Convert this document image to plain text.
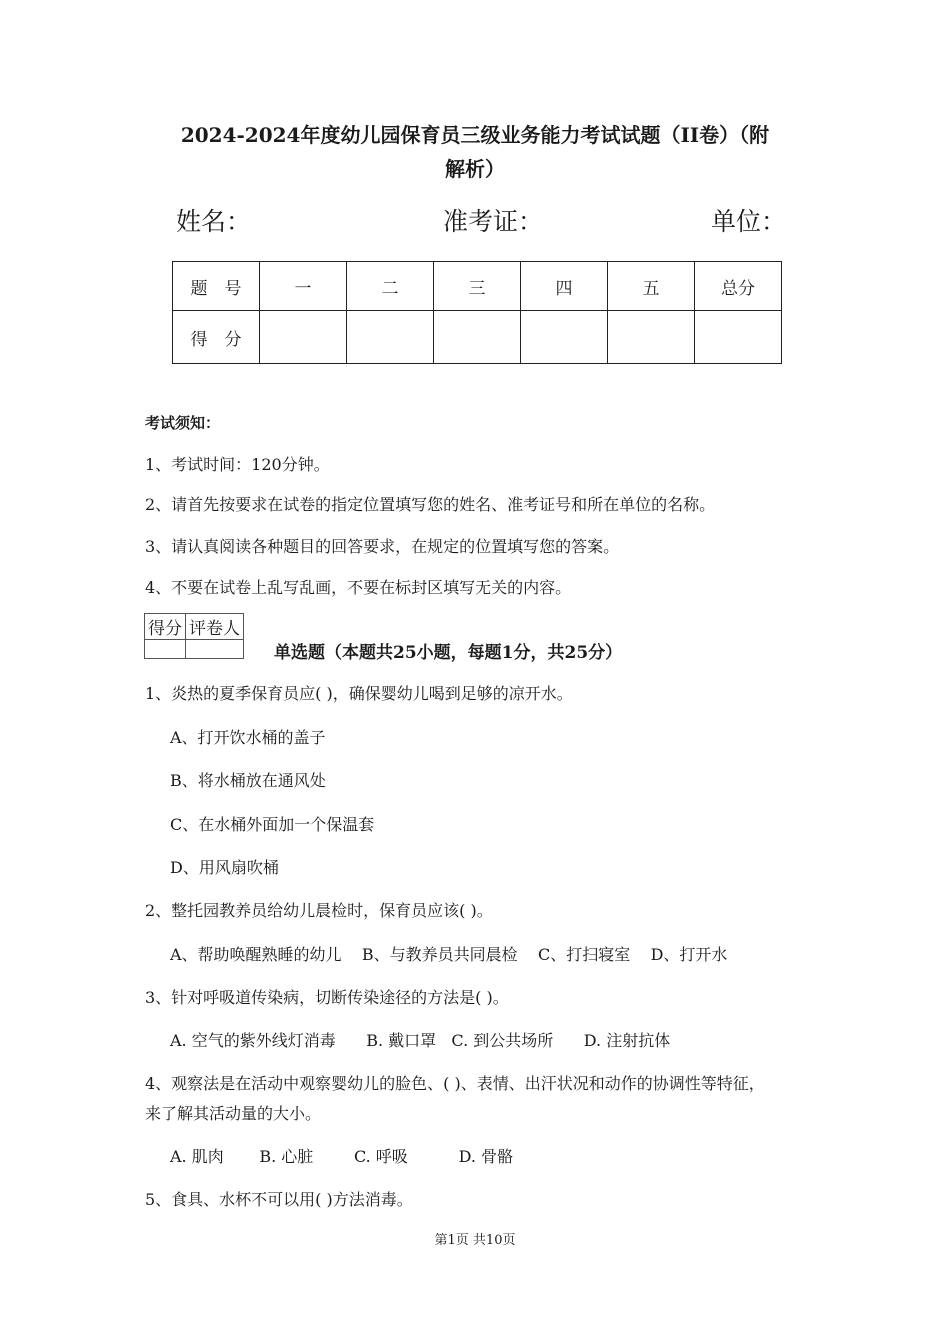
2024-2024年度幼儿园保育员三级业务能力考试试题（II卷）（附
解析）
姓名：	准考证：	单位：
题　号	一	二	三	四	五	总分
得　分						
考试须知：
1、考试时间：120分钟。
2、请首先按要求在试卷的指定位置填写您的姓名、准考证号和所在单位的名称。
3、请认真阅读各种题目的回答要求，在规定的位置填写您的答案。
4、不要在试卷上乱写乱画，不要在标封区填写无关的内容。
得分	评卷人

单选题（本题共25小题，每题1分，共25分）
1、炎热的夏季保育员应( )，确保婴幼儿喝到足够的凉开水。
A、打开饮水桶的盖子
B、将水桶放在通风处
C、在水桶外面加一个保温套
D、用风扇吹桶
2、整托园教养员给幼儿晨检时，保育员应该( )。
A、帮助唤醒熟睡的幼儿    B、与教养员共同晨检    C、打扫寝室    D、打开水
3、针对呼吸道传染病，切断传染途径的方法是( )。
A. 空气的紫外线灯消毒      B. 戴口罩   C. 到公共场所      D. 注射抗体
4、观察法是在活动中观察婴幼儿的脸色、( )、表情、出汗状况和动作的协调性等特征，
来了解其活动量的大小。
A. 肌肉       B. 心脏        C. 呼吸          D. 骨骼
5、食具、水杯不可以用( )方法消毒。
第1页 共10页
